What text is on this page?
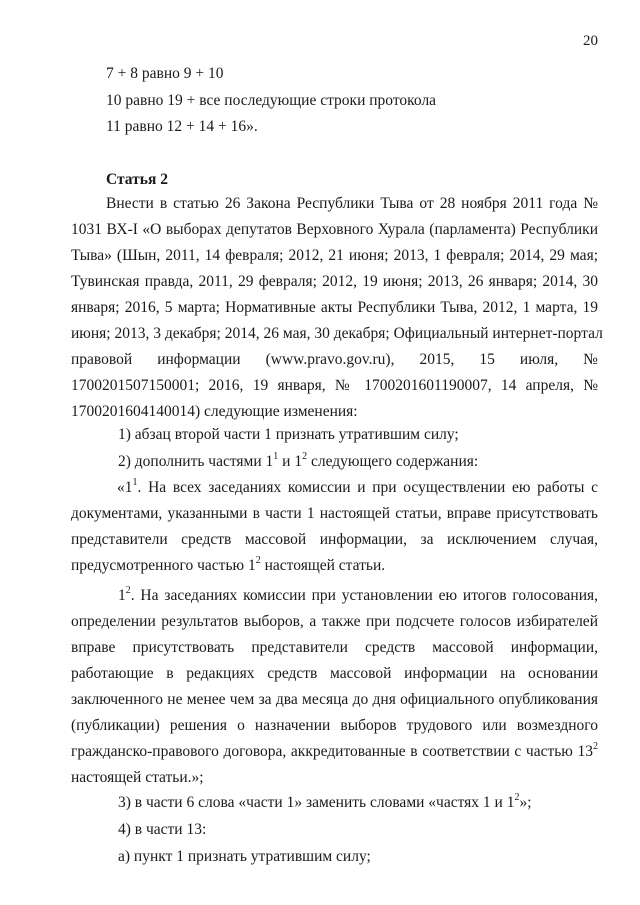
20
7 + 8 равно 9 + 10
10 равно 19 + все последующие строки протокола
11 равно 12 + 14 + 16».
Статья 2
Внести в статью 26 Закона Республики Тыва от 28 ноября 2011 года №
1031 ВХ-I «О выборах депутатов Верховного Хурала (парламента) Республики
Тыва» (Шын, 2011, 14 февраля; 2012, 21 июня; 2013, 1 февраля; 2014, 29 мая;
Тувинская правда, 2011, 29 февраля; 2012, 19 июня; 2013, 26 января; 2014, 30
января; 2016, 5 марта; Нормативные акты Республики Тыва, 2012, 1 марта, 19
июня; 2013, 3 декабря; 2014, 26 мая, 30 декабря; Официальный интернет-портал
правовой информации (www.pravo.gov.ru), 2015, 15 июля, №
1700201507150001; 2016, 19 января, № 1700201601190007, 14 апреля, №
1700201604140014) следующие изменения:
1) абзац второй части 1 признать утратившим силу;
2) дополнить частями $1^1$ и $1^2$ следующего содержания:
«$1^1$. На всех заседаниях комиссии и при осуществлении ею работы с
документами, указанными в части 1 настоящей статьи, вправе присутствовать
представители средств массовой информации, за исключением случая,
предусмотренного частью $1^2$ настоящей статьи.
$1^2$. На заседаниях комиссии при установлении ею итогов голосования,
определении результатов выборов, а также при подсчете голосов избирателей
вправе присутствовать представители средств массовой информации,
работающие в редакциях средств массовой информации на основании
заключенного не менее чем за два месяца до дня официального опубликования
(публикации) решения о назначении выборов трудового или возмездного
гражданско-правового договора, аккредитованные в соответствии с частью $13^2$
настоящей статьи.»;
3) в части 6 слова «части 1» заменить словами «частях 1 и $1^2$»;
4) в части 13:
а) пункт 1 признать утратившим силу;
